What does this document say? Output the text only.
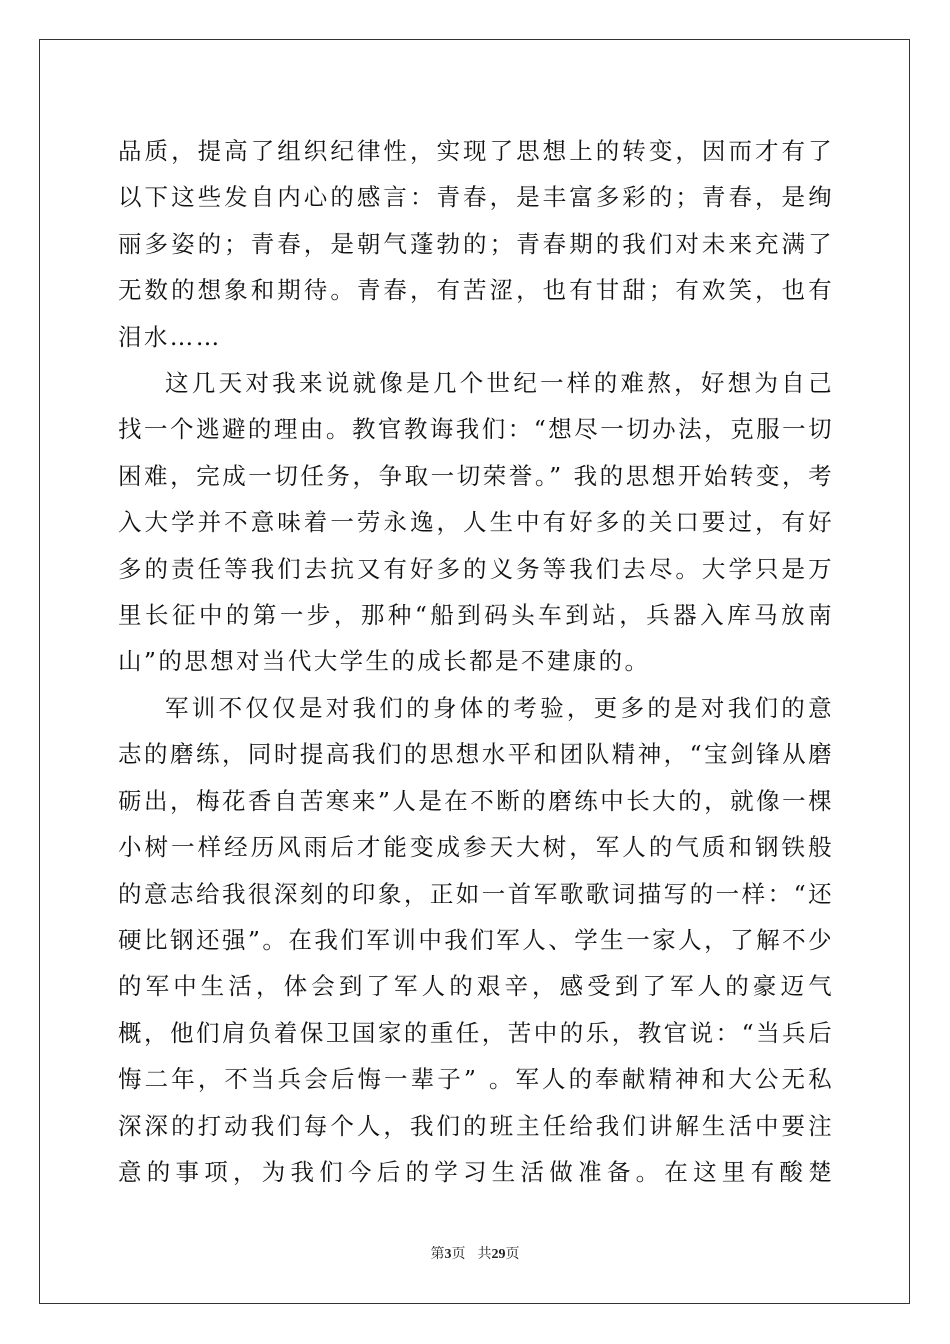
品质，提高了组织纪律性，实现了思想上的转变，因而才有了以下这些发自内心的感言：青春，是丰富多彩的；青春，是绚丽多姿的；青春，是朝气蓬勃的；青春期的我们对未来充满了无数的想象和期待。青春，有苦涩，也有甘甜；有欢笑，也有泪水……

这几天对我来说就像是几个世纪一样的难熬，好想为自己找一个逃避的理由。教官教诲我们：“想尽一切办法，克服一切困难，完成一切任务，争取一切荣誉。” 我的思想开始转变，考入大学并不意味着一劳永逸，人生中有好多的关口要过，有好多的责任等我们去抗又有好多的义务等我们去尽。大学只是万里长征中的第一步，那种“船到码头车到站，兵器入库马放南山”的思想对当代大学生的成长都是不建康的。

军训不仅仅是对我们的身体的考验，更多的是对我们的意志的磨练，同时提高我们的思想水平和团队精神，“宝剑锋从磨砺出，梅花香自苦寒来”人是在不断的磨练中长大的，就像一棵小树一样经历风雨后才能变成参天大树，军人的气质和钢铁般的意志给我很深刻的印象，正如一首军歌歌词描写的一样：“还硬比钢还强”。在我们军训中我们军人、学生一家人，了解不少的军中生活，体会到了军人的艰辛，感受到了军人的豪迈气概，他们肩负着保卫国家的重任，苦中的乐，教官说：“当兵后悔二年，不当兵会后悔一辈子” 。军人的奉献精神和大公无私深深的打动我们每个人，我们的班主任给我们讲解生活中要注意的事项，为我们今后的学习生活做准备。在这里有酸楚

第3页 共29页
